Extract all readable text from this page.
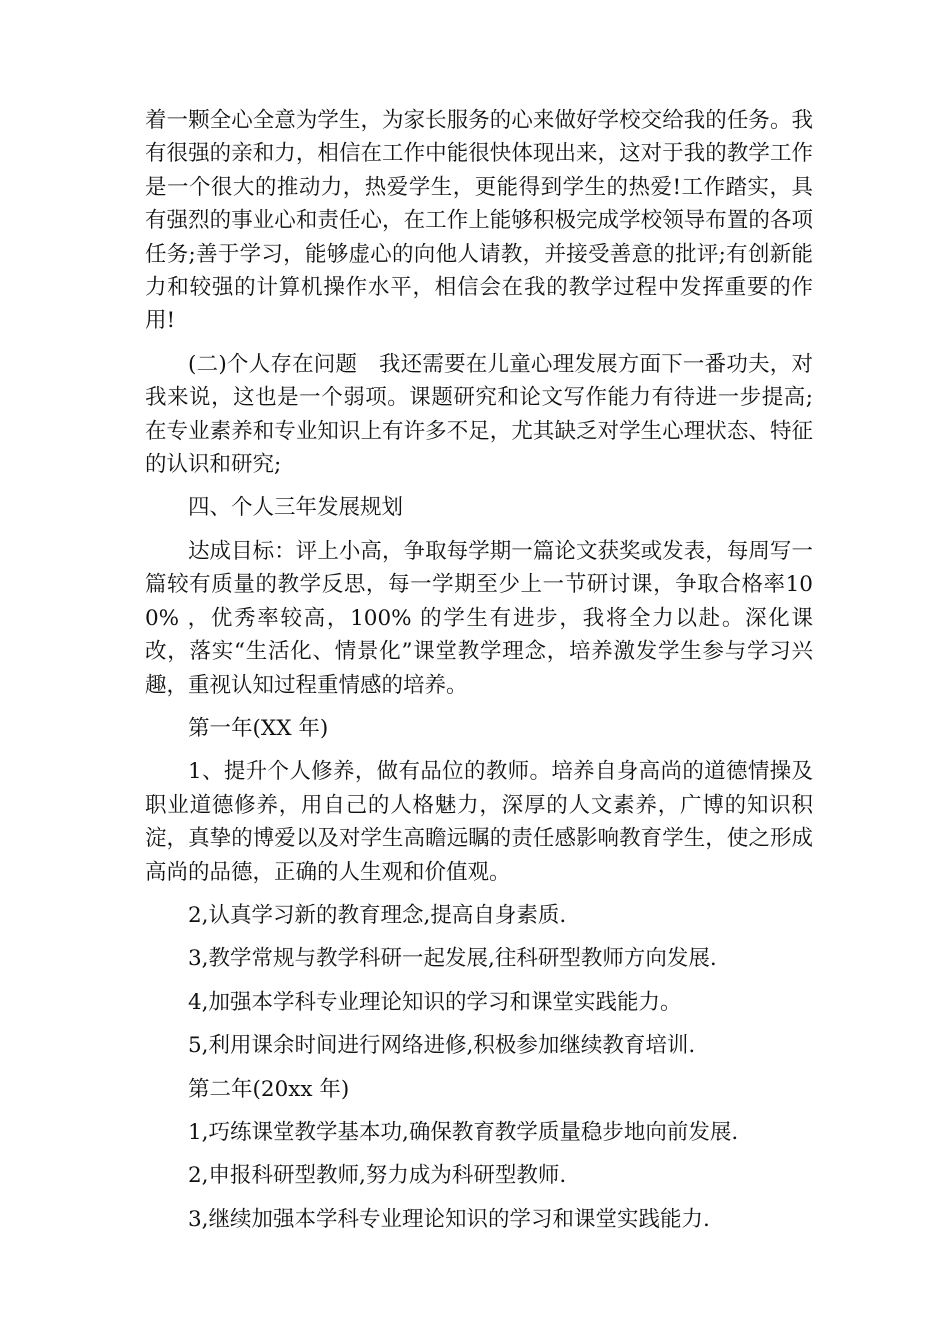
着一颗全心全意为学生，为家长服务的心来做好学校交给我的任务。我有很强的亲和力，相信在工作中能很快体现出来，这对于我的教学工作是一个很大的推动力，热爱学生，更能得到学生的热爱!工作踏实，具有强烈的事业心和责任心，在工作上能够积极完成学校领导布置的各项任务;善于学习，能够虚心的向他人请教，并接受善意的批评;有创新能力和较强的计算机操作水平，相信会在我的教学过程中发挥重要的作用!

(二)个人存在问题　我还需要在儿童心理发展方面下一番功夫，对我来说，这也是一个弱项。课题研究和论文写作能力有待进一步提高;在专业素养和专业知识上有许多不足，尤其缺乏对学生心理状态、特征的认识和研究;

四、个人三年发展规划

达成目标：评上小高，争取每学期一篇论文获奖或发表，每周写一篇较有质量的教学反思，每一学期至少上一节研讨课，争取合格率100% ，优秀率较高，100% 的学生有进步，我将全力以赴。深化课改，落实“生活化、情景化”课堂教学理念，培养激发学生参与学习兴趣，重视认知过程重情感的培养。

第一年(XX 年)

1、提升个人修养，做有品位的教师。培养自身高尚的道德情操及职业道德修养，用自己的人格魅力，深厚的人文素养，广博的知识积淀，真挚的博爱以及对学生高瞻远瞩的责任感影响教育学生，使之形成高尚的品德，正确的人生观和价值观。

2,认真学习新的教育理念,提高自身素质.

3,教学常规与教学科研一起发展,往科研型教师方向发展.

4,加强本学科专业理论知识的学习和课堂实践能力。

5,利用课余时间进行网络进修,积极参加继续教育培训.

第二年(20xx 年)

1,巧练课堂教学基本功,确保教育教学质量稳步地向前发展.

2,申报科研型教师,努力成为科研型教师.

3,继续加强本学科专业理论知识的学习和课堂实践能力.
